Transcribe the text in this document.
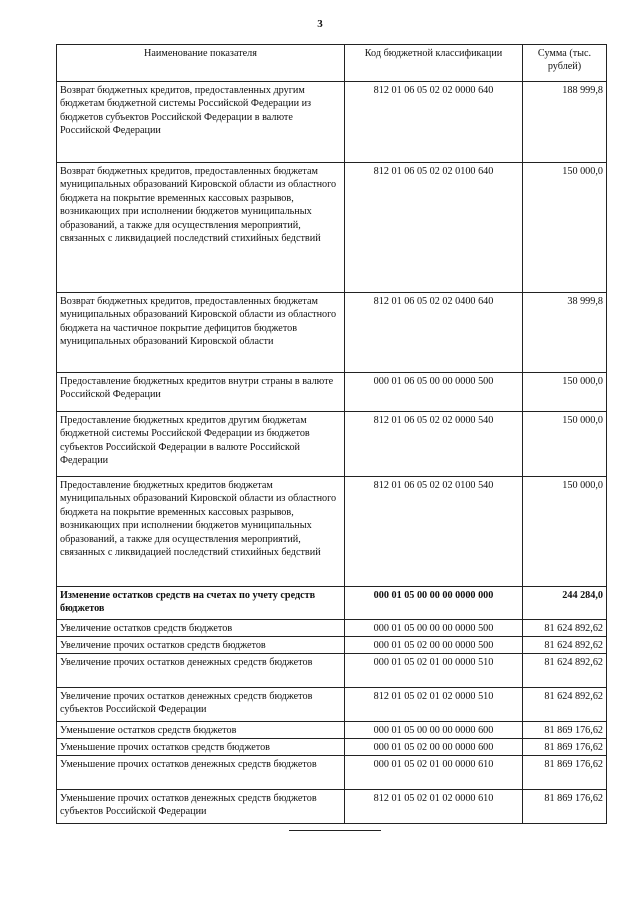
3
Наименование показателя	Код бюджетной классификации	Сумма (тыс. рублей)
Возврат бюджетных кредитов, предоставленных другим бюджетам бюджетной системы Российской Федерации из бюджетов субъектов Российской Федерации в валюте Российской Федерации	812 01 06 05 02 02 0000 640	188 999,8
Возврат бюджетных кредитов, предоставленных бюджетам муниципальных образований Кировской области из областного бюджета на покрытие временных кассовых разрывов, возникающих при исполнении бюджетов муниципальных образований, а также для осуществления мероприятий, связанных с ликвидацией последствий стихийных бедствий	812 01 06 05 02 02 0100 640	150 000,0
Возврат бюджетных кредитов, предоставленных бюджетам муниципальных образований Кировской области из областного бюджета на частичное покрытие дефицитов бюджетов муниципальных образований Кировской области	812 01 06 05 02 02 0400 640	38 999,8
Предоставление бюджетных кредитов внутри страны в валюте Российской Федерации	000 01 06 05 00 00 0000 500	150 000,0
Предоставление бюджетных кредитов другим бюджетам бюджетной системы Российской Федерации из бюджетов субъектов Российской Федерации в валюте Российской Федерации	812 01 06 05 02 02 0000 540	150 000,0
Предоставление бюджетных кредитов бюджетам муниципальных образований Кировской области из областного бюджета на покрытие временных кассовых разрывов, возникающих при исполнении бюджетов муниципальных образований, а также для осуществления мероприятий, связанных с ликвидацией последствий стихийных бедствий	812 01 06 05 02 02 0100 540	150 000,0
Изменение остатков средств на счетах по учету средств бюджетов	000 01 05 00 00 00 0000 000	244 284,0
Увеличение остатков средств бюджетов	000 01 05 00 00 00 0000 500	81 624 892,62
Увеличение прочих остатков средств бюджетов	000 01 05 02 00 00 0000 500	81 624 892,62
Увеличение прочих остатков денежных средств бюджетов	000 01 05 02 01 00 0000 510	81 624 892,62
Увеличение прочих остатков денежных средств бюджетов субъектов Российской Федерации	812 01 05 02 01 02 0000 510	81 624 892,62
Уменьшение остатков средств бюджетов	000 01 05 00 00 00 0000 600	81 869 176,62
Уменьшение прочих остатков средств бюджетов	000 01 05 02 00 00 0000 600	81 869 176,62
Уменьшение прочих остатков денежных средств бюджетов	000 01 05 02 01 00 0000 610	81 869 176,62
Уменьшение прочих остатков денежных средств бюджетов субъектов Российской Федерации	812 01 05 02 01 02 0000 610	81 869 176,62
